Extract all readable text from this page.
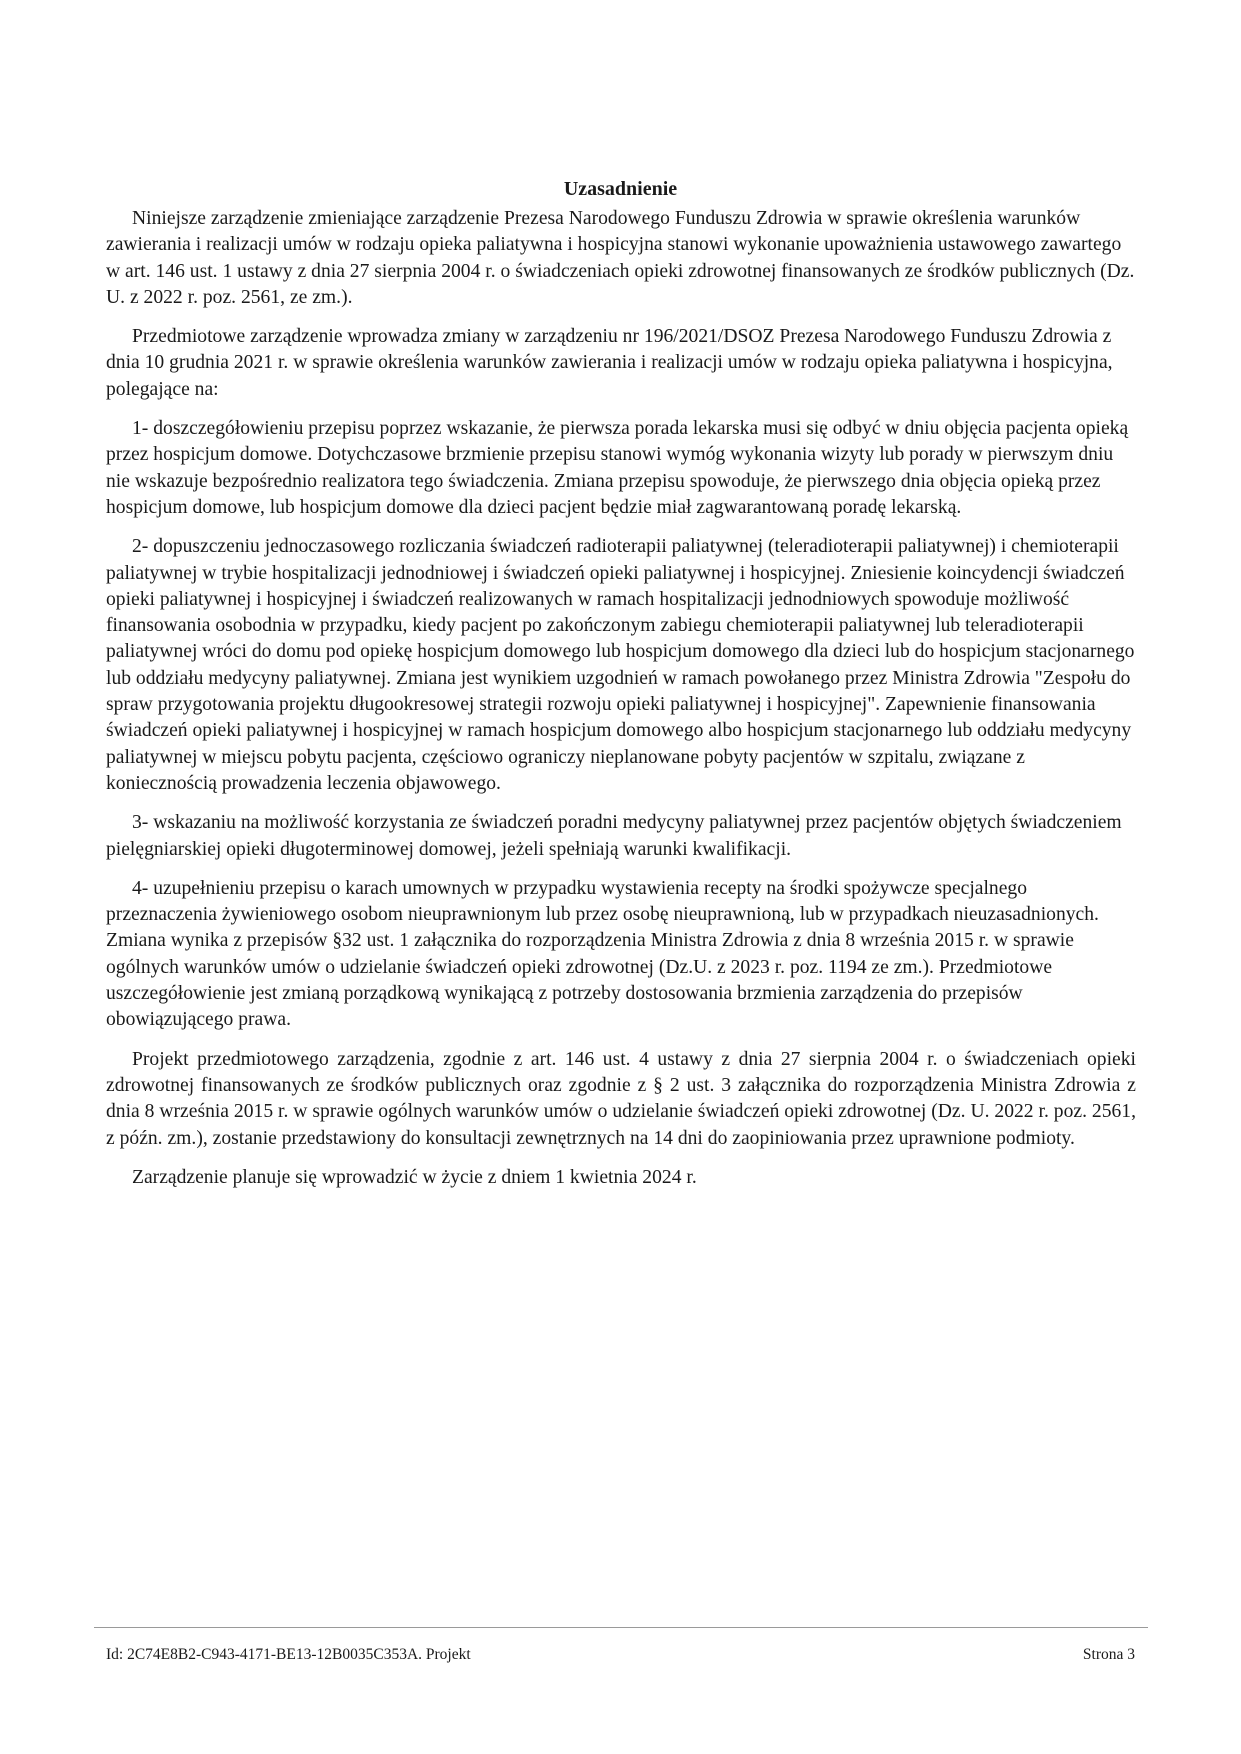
Uzasadnienie

Niniejsze zarządzenie zmieniające zarządzenie Prezesa Narodowego Funduszu Zdrowia w sprawie określenia warunków zawierania i realizacji umów w rodzaju opieka paliatywna i hospicyjna stanowi wykonanie upoważnienia ustawowego zawartego w art. 146 ust. 1 ustawy z dnia 27 sierpnia 2004 r. o świadczeniach opieki zdrowotnej finansowanych ze środków publicznych (Dz. U. z 2022 r. poz. 2561, ze zm.).

Przedmiotowe zarządzenie wprowadza zmiany w zarządzeniu nr 196/2021/DSOZ Prezesa Narodowego Funduszu Zdrowia z dnia 10 grudnia 2021 r. w sprawie określenia warunków zawierania i realizacji umów w rodzaju opieka paliatywna i hospicyjna, polegające na:

1- doszczegółowieniu przepisu poprzez wskazanie, że pierwsza porada lekarska musi się odbyć w dniu objęcia pacjenta opieką przez hospicjum domowe. Dotychczasowe brzmienie przepisu stanowi wymóg wykonania wizyty lub porady w pierwszym dniu nie wskazuje bezpośrednio realizatora tego świadczenia. Zmiana przepisu spowoduje, że pierwszego dnia objęcia opieką przez hospicjum domowe, lub hospicjum domowe dla dzieci pacjent będzie miał zagwarantowaną poradę lekarską.

2- dopuszczeniu jednoczasowego rozliczania świadczeń radioterapii paliatywnej (teleradioterapii paliatywnej) i chemioterapii paliatywnej w trybie hospitalizacji jednodniowej i świadczeń opieki paliatywnej i hospicyjnej. Zniesienie koincydencji świadczeń opieki paliatywnej i hospicyjnej i świadczeń realizowanych w ramach hospitalizacji jednodniowych spowoduje możliwość finansowania osobodnia w przypadku, kiedy pacjent po zakończonym zabiegu chemioterapii paliatywnej lub teleradioterapii paliatywnej wróci do domu pod opiekę hospicjum domowego lub hospicjum domowego dla dzieci lub do hospicjum stacjonarnego lub oddziału medycyny paliatywnej. Zmiana jest wynikiem uzgodnień w ramach powołanego przez Ministra Zdrowia "Zespołu do spraw przygotowania projektu długookresowej strategii rozwoju opieki paliatywnej i hospicyjnej". Zapewnienie finansowania świadczeń opieki paliatywnej i hospicyjnej w ramach hospicjum domowego albo hospicjum stacjonarnego lub oddziału medycyny paliatywnej w miejscu pobytu pacjenta, częściowo ograniczy nieplanowane pobyty pacjentów w szpitalu, związane z koniecznością prowadzenia leczenia objawowego.

3- wskazaniu na możliwość korzystania ze świadczeń poradni medycyny paliatywnej przez pacjentów objętych świadczeniem pielęgniarskiej opieki długoterminowej domowej, jeżeli spełniają warunki kwalifikacji.

4- uzupełnieniu przepisu o karach umownych w przypadku wystawienia recepty na środki spożywcze specjalnego przeznaczenia żywieniowego osobom nieuprawnionym lub przez osobę nieuprawnioną, lub w przypadkach nieuzasadnionych. Zmiana wynika z przepisów §32 ust. 1 załącznika do rozporządzenia Ministra Zdrowia z dnia 8 września 2015 r. w sprawie ogólnych warunków umów o udzielanie świadczeń opieki zdrowotnej (Dz.U. z 2023 r. poz. 1194 ze zm.). Przedmiotowe uszczegółowienie jest zmianą porządkową wynikającą z potrzeby dostosowania brzmienia zarządzenia do przepisów obowiązującego prawa.

Projekt przedmiotowego zarządzenia, zgodnie z art. 146 ust. 4 ustawy z dnia 27 sierpnia 2004 r. o świadczeniach opieki zdrowotnej finansowanych ze środków publicznych oraz zgodnie z § 2 ust. 3 załącznika do rozporządzenia Ministra Zdrowia z dnia 8 września 2015 r. w sprawie ogólnych warunków umów o udzielanie świadczeń opieki zdrowotnej (Dz. U. 2022 r. poz. 2561, z późn. zm.), zostanie przedstawiony do konsultacji zewnętrznych na 14 dni do zaopiniowania przez uprawnione podmioty.

Zarządzenie planuje się wprowadzić w życie z dniem 1 kwietnia 2024 r.

Id: 2C74E8B2-C943-4171-BE13-12B0035C353A. Projekt	Strona 3
